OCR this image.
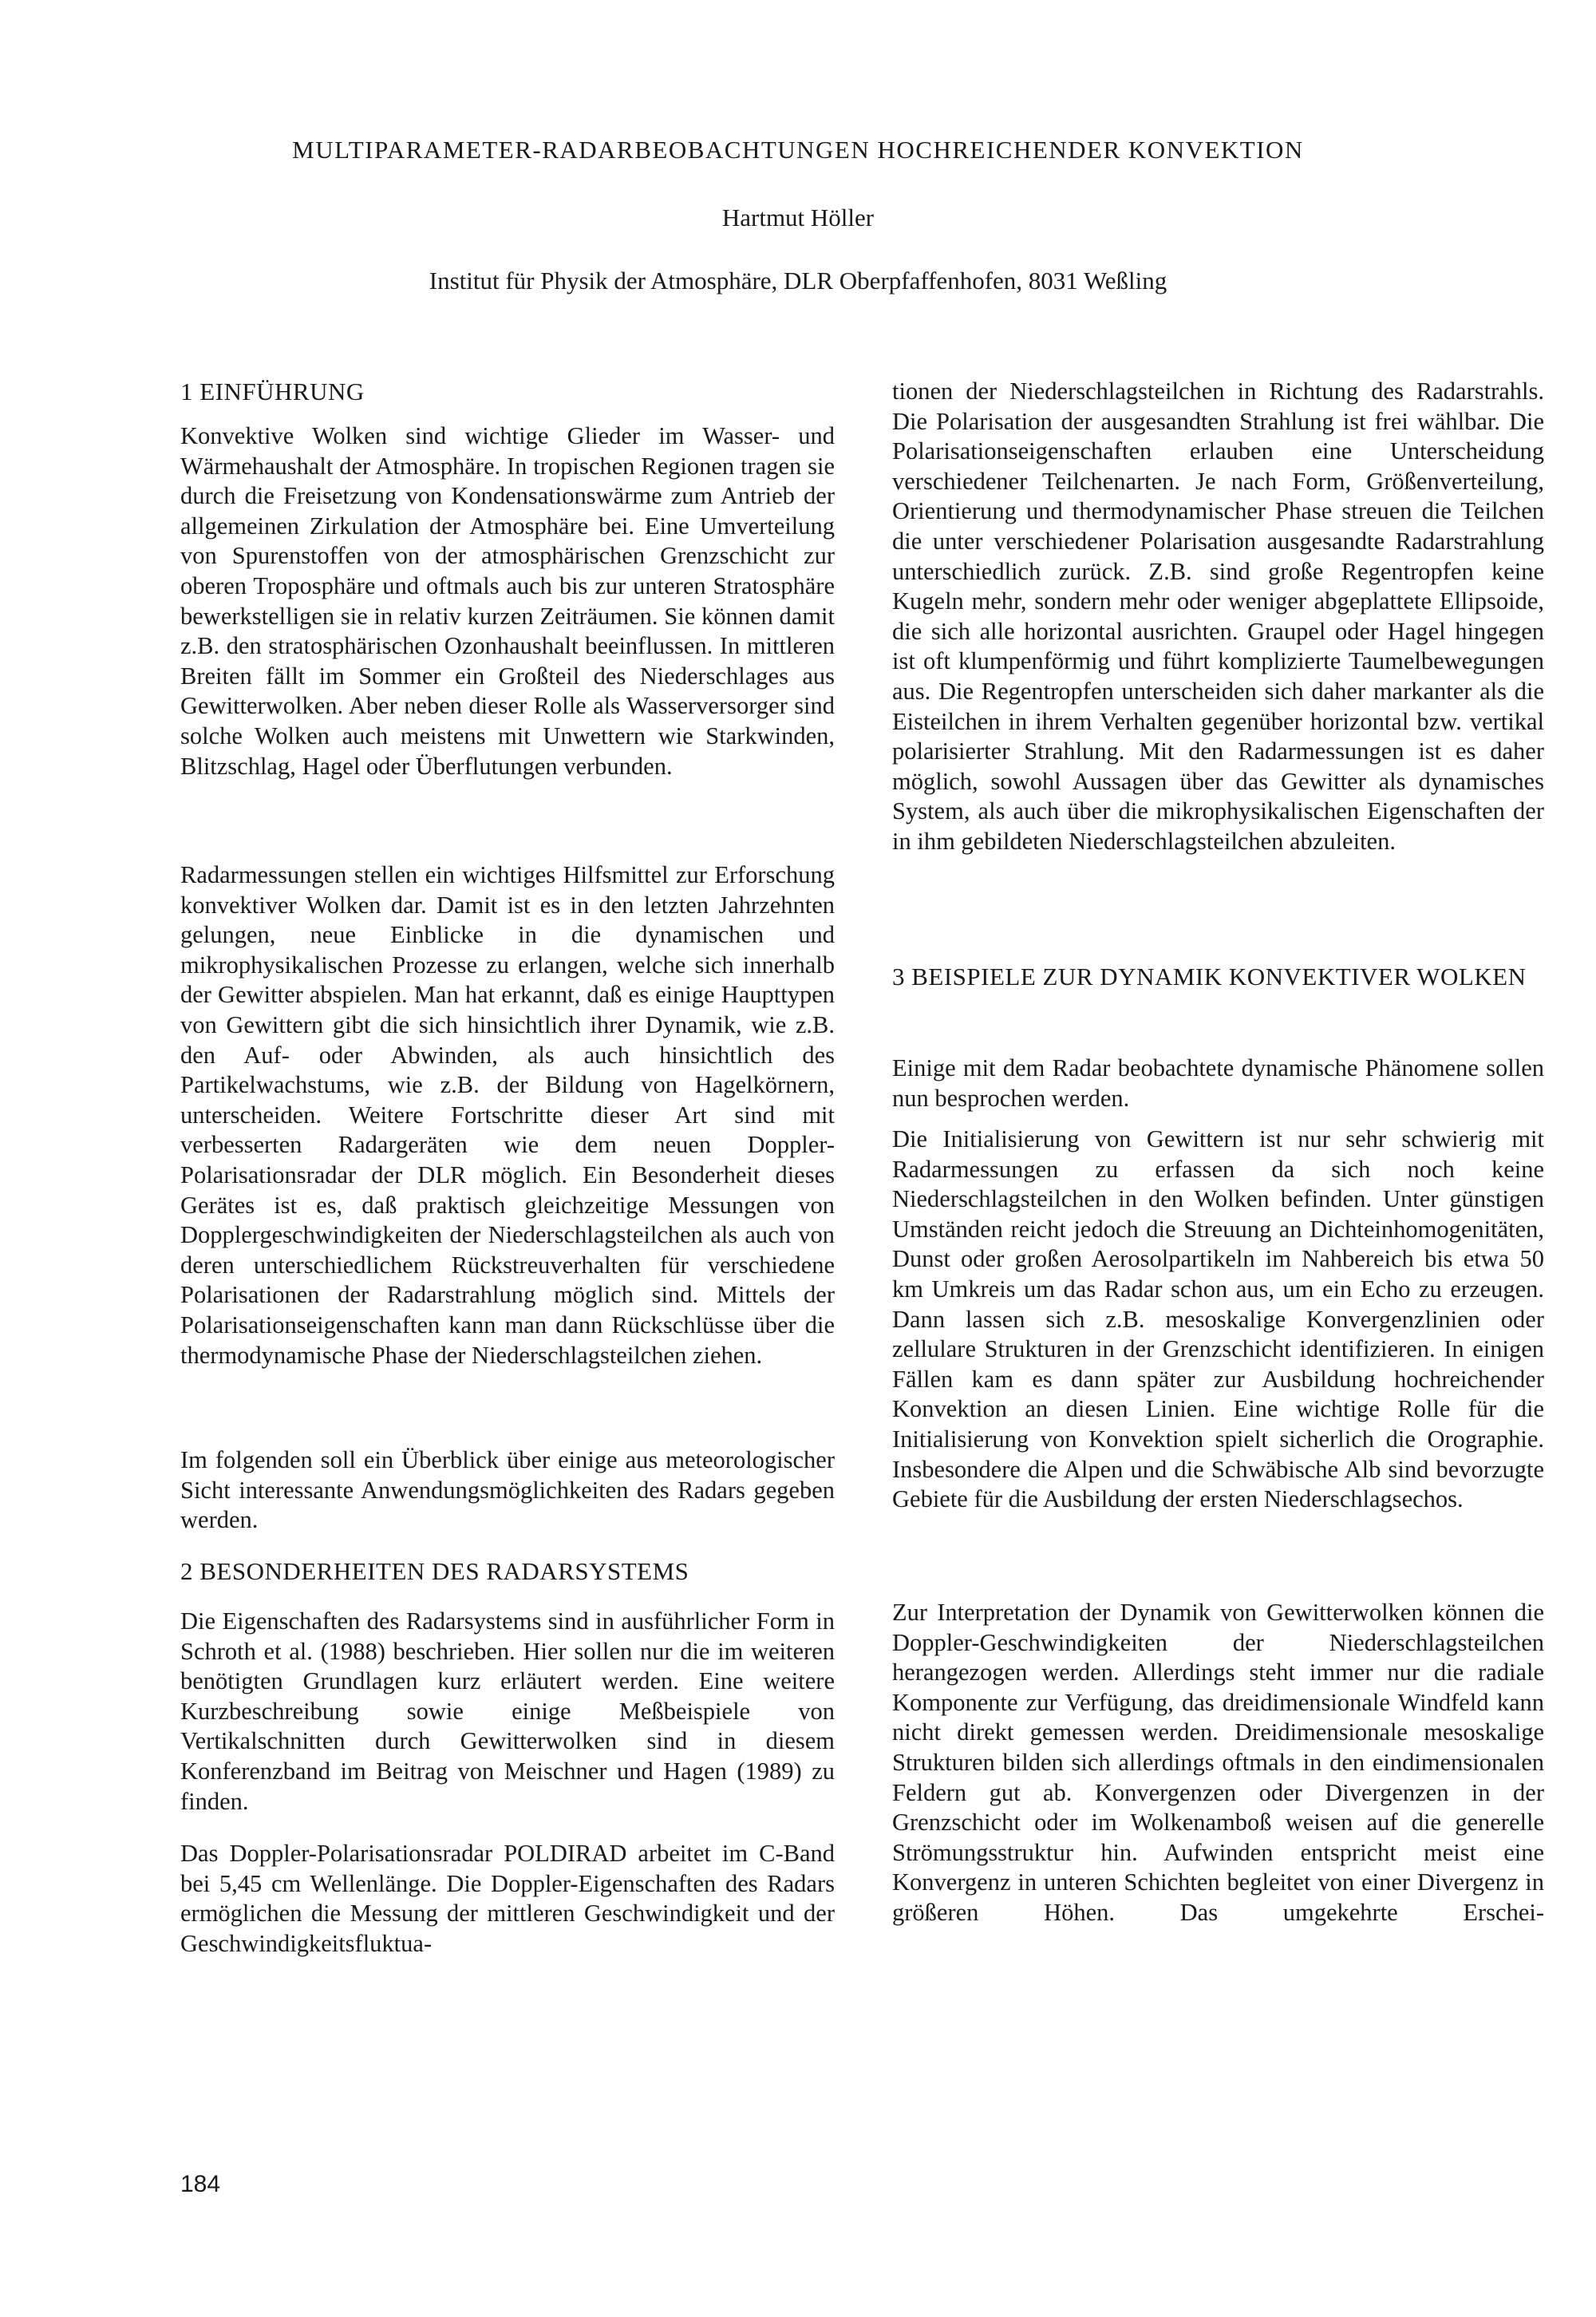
MULTIPARAMETER-RADARBEOBACHTUNGEN HOCHREICHENDER KONVEKTION
Hartmut Höller
Institut für Physik der Atmosphäre, DLR Oberpfaffenhofen, 8031 Weßling
1 EINFÜHRUNG
Konvektive Wolken sind wichtige Glieder im Wasser- und Wärmehaushalt der Atmosphäre. In tropischen Regionen tragen sie durch die Freisetzung von Kondensationswärme zum Antrieb der allgemeinen Zirkulation der Atmosphäre bei. Eine Umverteilung von Spurenstoffen von der atmosphärischen Grenzschicht zur oberen Troposphäre und oftmals auch bis zur unteren Stratosphäre bewerkstelligen sie in relativ kurzen Zeiträumen. Sie können damit z.B. den stratosphärischen Ozonhaushalt beeinflussen. In mittleren Breiten fällt im Sommer ein Großteil des Niederschlages aus Gewitterwolken. Aber neben dieser Rolle als Wasserversorger sind solche Wolken auch meistens mit Unwettern wie Starkwinden, Blitzschlag, Hagel oder Überflutungen verbunden.
Radarmessungen stellen ein wichtiges Hilfsmittel zur Erforschung konvektiver Wolken dar. Damit ist es in den letzten Jahrzehnten gelungen, neue Einblicke in die dynamischen und mikrophysikalischen Prozesse zu erlangen, welche sich innerhalb der Gewitter abspielen. Man hat erkannt, daß es einige Haupttypen von Gewittern gibt die sich hinsichtlich ihrer Dynamik, wie z.B. den Auf- oder Abwinden, als auch hinsichtlich des Partikelwachstums, wie z.B. der Bildung von Hagelkörnern, unterscheiden. Weitere Fortschritte dieser Art sind mit verbesserten Radargeräten wie dem neuen Doppler-Polarisationsradar der DLR möglich. Ein Besonderheit dieses Gerätes ist es, daß praktisch gleichzeitige Messungen von Dopplergeschwindigkeiten der Niederschlagsteilchen als auch von deren unterschiedlichem Rückstreuverhalten für verschiedene Polarisationen der Radarstrahlung möglich sind. Mittels der Polarisationseigenschaften kann man dann Rückschlüsse über die thermodynamische Phase der Niederschlagsteilchen ziehen.
Im folgenden soll ein Überblick über einige aus meteorologischer Sicht interessante Anwendungsmöglichkeiten des Radars gegeben werden.
2 BESONDERHEITEN DES RADARSYSTEMS
Die Eigenschaften des Radarsystems sind in ausführlicher Form in Schroth et al. (1988) beschrieben. Hier sollen nur die im weiteren benötigten Grundlagen kurz erläutert werden. Eine weitere Kurzbeschreibung sowie einige Meßbeispiele von Vertikalschnitten durch Gewitterwolken sind in diesem Konferenzband im Beitrag von Meischner und Hagen (1989) zu finden.
Das Doppler-Polarisationsradar POLDIRAD arbeitet im C-Band bei 5,45 cm Wellenlänge. Die Doppler-Eigenschaften des Radars ermöglichen die Messung der mittleren Geschwindigkeit und der Geschwindigkeitsfluktua-
tionen der Niederschlagsteilchen in Richtung des Radarstrahls. Die Polarisation der ausgesandten Strahlung ist frei wählbar. Die Polarisationseigenschaften erlauben eine Unterscheidung verschiedener Teilchenarten. Je nach Form, Größenverteilung, Orientierung und thermodynamischer Phase streuen die Teilchen die unter verschiedener Polarisation ausgesandte Radarstrahlung unterschiedlich zurück. Z.B. sind große Regentropfen keine Kugeln mehr, sondern mehr oder weniger abgeplattete Ellipsoide, die sich alle horizontal ausrichten. Graupel oder Hagel hingegen ist oft klumpenförmig und führt komplizierte Taumelbewegungen aus. Die Regentropfen unterscheiden sich daher markanter als die Eisteilchen in ihrem Verhalten gegenüber horizontal bzw. vertikal polarisierter Strahlung. Mit den Radarmessungen ist es daher möglich, sowohl Aussagen über das Gewitter als dynamisches System, als auch über die mikrophysikalischen Eigenschaften der in ihm gebildeten Niederschlagsteilchen abzuleiten.
3 BEISPIELE ZUR DYNAMIK KONVEKTIVER WOLKEN
Einige mit dem Radar beobachtete dynamische Phänomene sollen nun besprochen werden.
Die Initialisierung von Gewittern ist nur sehr schwierig mit Radarmessungen zu erfassen da sich noch keine Niederschlagsteilchen in den Wolken befinden. Unter günstigen Umständen reicht jedoch die Streuung an Dichteinhomogenitäten, Dunst oder großen Aerosolpartikeln im Nahbereich bis etwa 50 km Umkreis um das Radar schon aus, um ein Echo zu erzeugen. Dann lassen sich z.B. mesoskalige Konvergenzlinien oder zellulare Strukturen in der Grenzschicht identifizieren. In einigen Fällen kam es dann später zur Ausbildung hochreichender Konvektion an diesen Linien. Eine wichtige Rolle für die Initialisierung von Konvektion spielt sicherlich die Orographie. Insbesondere die Alpen und die Schwäbische Alb sind bevorzugte Gebiete für die Ausbildung der ersten Niederschlagsechos.
Zur Interpretation der Dynamik von Gewitterwolken können die Doppler-Geschwindigkeiten der Niederschlagsteilchen herangezogen werden. Allerdings steht immer nur die radiale Komponente zur Verfügung, das dreidimensionale Windfeld kann nicht direkt gemessen werden. Dreidimensionale mesoskalige Strukturen bilden sich allerdings oftmals in den eindimensionalen Feldern gut ab. Konvergenzen oder Divergenzen in der Grenzschicht oder im Wolkenamboß weisen auf die generelle Strömungsstruktur hin. Aufwinden entspricht meist eine Konvergenz in unteren Schichten begleitet von einer Divergenz in größeren Höhen. Das umgekehrte Erschei-
184
